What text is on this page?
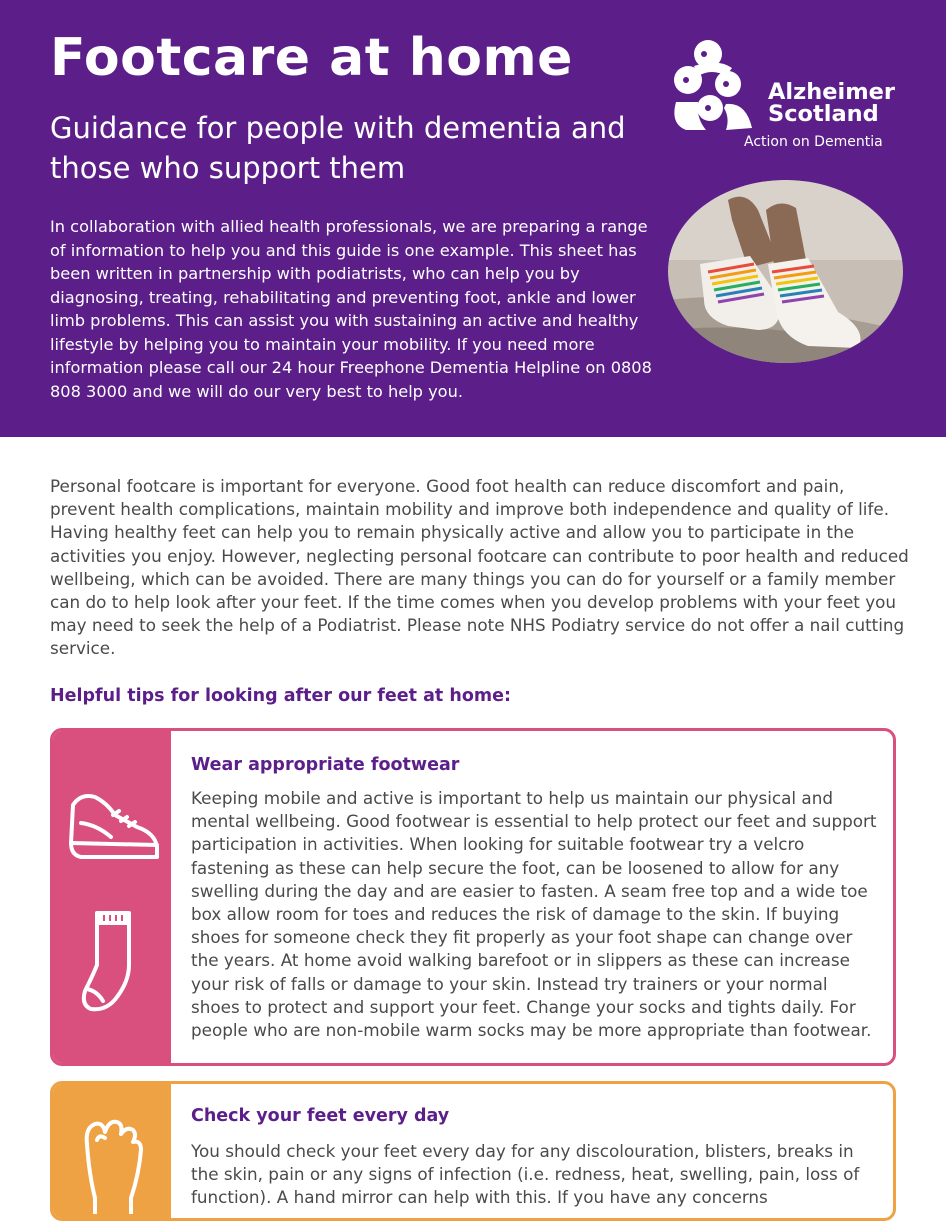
Footcare at home

Guidance for people with dementia and those who support them

In collaboration with allied health professionals, we are preparing a range of information to help you and this guide is one example. This sheet has been written in partnership with podiatrists, who can help you by diagnosing, treating, rehabilitating and preventing foot, ankle and lower limb problems. This can assist you with sustaining an active and healthy lifestyle by helping you to maintain your mobility. If you need more information please call our 24 hour Freephone Dementia Helpline on 0808 808 3000 and we will do our very best to help you.

Alzheimer
Scotland
Action on Dementia

Personal footcare is important for everyone. Good foot health can reduce discomfort and pain, prevent health complications, maintain mobility and improve both independence and quality of life. Having healthy feet can help you to remain physically active and allow you to participate in the activities you enjoy. However, neglecting personal footcare can contribute to poor health and reduced wellbeing, which can be avoided. There are many things you can do for yourself or a family member can do to help look after your feet. If the time comes when you develop problems with your feet you may need to seek the help of a Podiatrist. Please note NHS Podiatry service do not offer a nail cutting service.

Helpful tips for looking after our feet at home:
Wear appropriate footwear

Keeping mobile and active is important to help us maintain our physical and mental wellbeing. Good footwear is essential to help protect our feet and support participation in activities. When looking for suitable footwear try a velcro fastening as these can help secure the foot, can be loosened to allow for any swelling during the day and are easier to fasten. A seam free top and a wide toe box allow room for toes and reduces the risk of damage to the skin. If buying shoes for someone check they fit properly as your foot shape can change over the years. At home avoid walking barefoot or in slippers as these can increase your risk of falls or damage to your skin. Instead try trainers or your normal shoes to protect and support your feet. Change your socks and tights daily. For people who are non-mobile warm socks may be more appropriate than footwear.

Check your feet every day

You should check your feet every day for any discolouration, blisters, breaks in the skin, pain or any signs of infection (i.e. redness, heat, swelling, pain, loss of function). A hand mirror can help with this. If you have any concerns
